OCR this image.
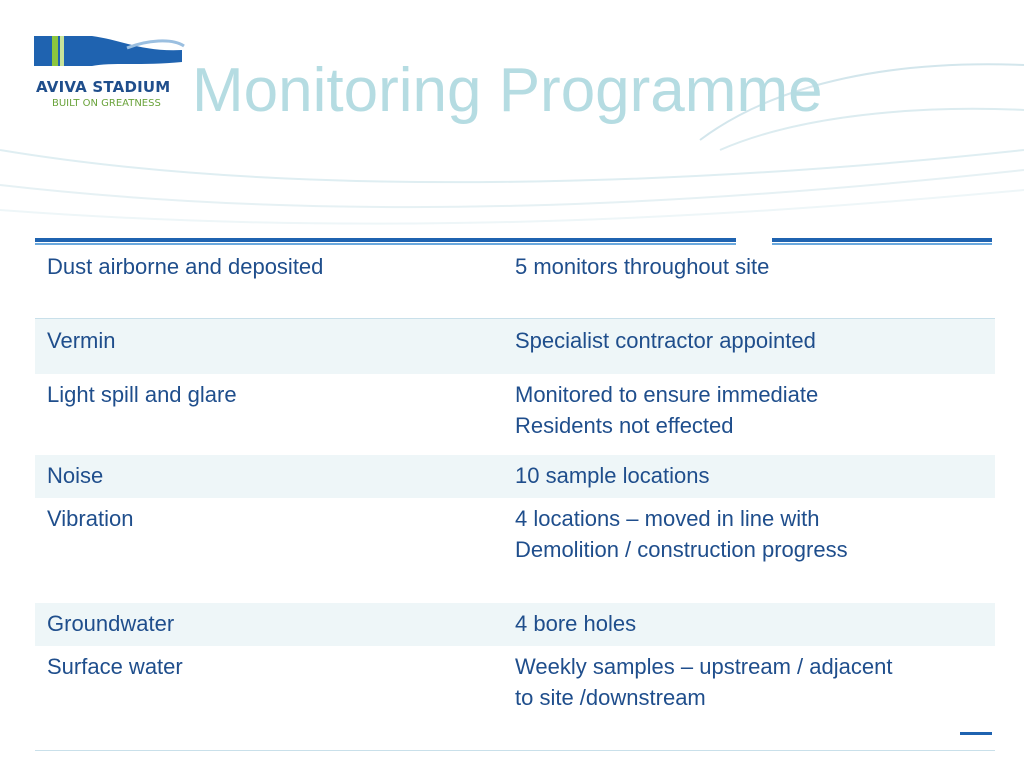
AVIVA STADIUM
BUILT ON GREATNESS Monitoring Programme
Dust airborne and deposited	5 monitors throughout site
Vermin	Specialist contractor appointed
Light spill and glare	Monitored to ensure immediate
Residents not effected
Noise	10 sample locations
Vibration	4 locations – moved in line with
Demolition / construction progress
Groundwater	4 bore holes
Surface water	Weekly samples – upstream / adjacent
to site /downstream
